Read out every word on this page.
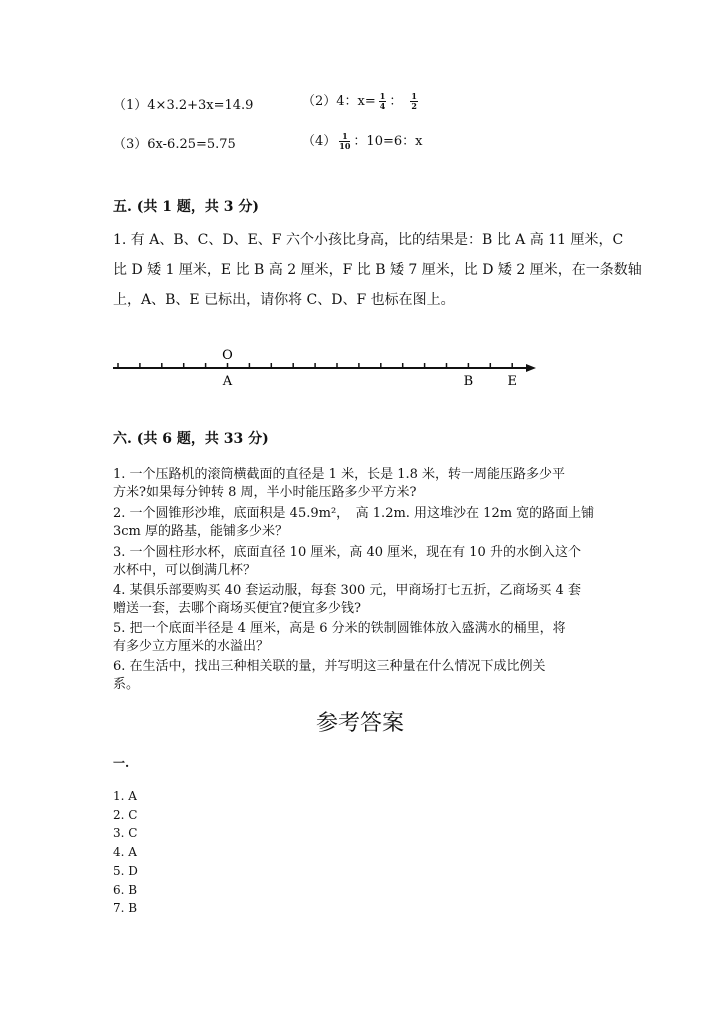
（1）4×3.2+3x=14.9	（2）4：$x= \frac{1}{4}$ ： $\frac{1}{2}$
（3）6x-6.25=5.75	$(4) \frac{1}{10}$ ：10=6：x
五. (共 1 题，共 3 分)
1. 有 A、B、C、D、E、F 六个小孩比身高，比的结果是：B 比 A 高 11 厘米，C
比 D 矮 1 厘米，E 比 B 高 2 厘米，F 比 B 矮 7 厘米，比 D 矮 2 厘米，在一条数轴
上，A、B、E 已标出，请你将 C、D、F 也标在图上。
O
A	B	E
六. (共 6 题，共 33 分)
1. 一个压路机的滚筒横截面的直径是 1 米，长是 1.8 米，转一周能压路多少平
方米?如果每分钟转 8 周，半小时能压路多少平方米?
2. 一个圆锥形沙堆，底面积是 45.9m²，　高 1.2m. 用这堆沙在 12m 宽的路面上铺
3cm 厚的路基，能铺多少米？
3. 一个圆柱形水杯，底面直径 10 厘米，高 40 厘米，现在有 10 升的水倒入这个
水杯中，可以倒满几杯？
4. 某俱乐部要购买 40 套运动服，每套 300 元，甲商场打七五折，乙商场买 4 套
赠送一套，去哪个商场买便宜?便宜多少钱?
5. 把一个底面半径是 4 厘米，高是 6 分米的铁制圆锥体放入盛满水的桶里，将
有多少立方厘米的水溢出？
6. 在生活中，找出三种相关联的量，并写明这三种量在什么情况下成比例关
系。
参考答案
一.
1. A
2. C
3. C
4. A
5. D
6. B
7. B
